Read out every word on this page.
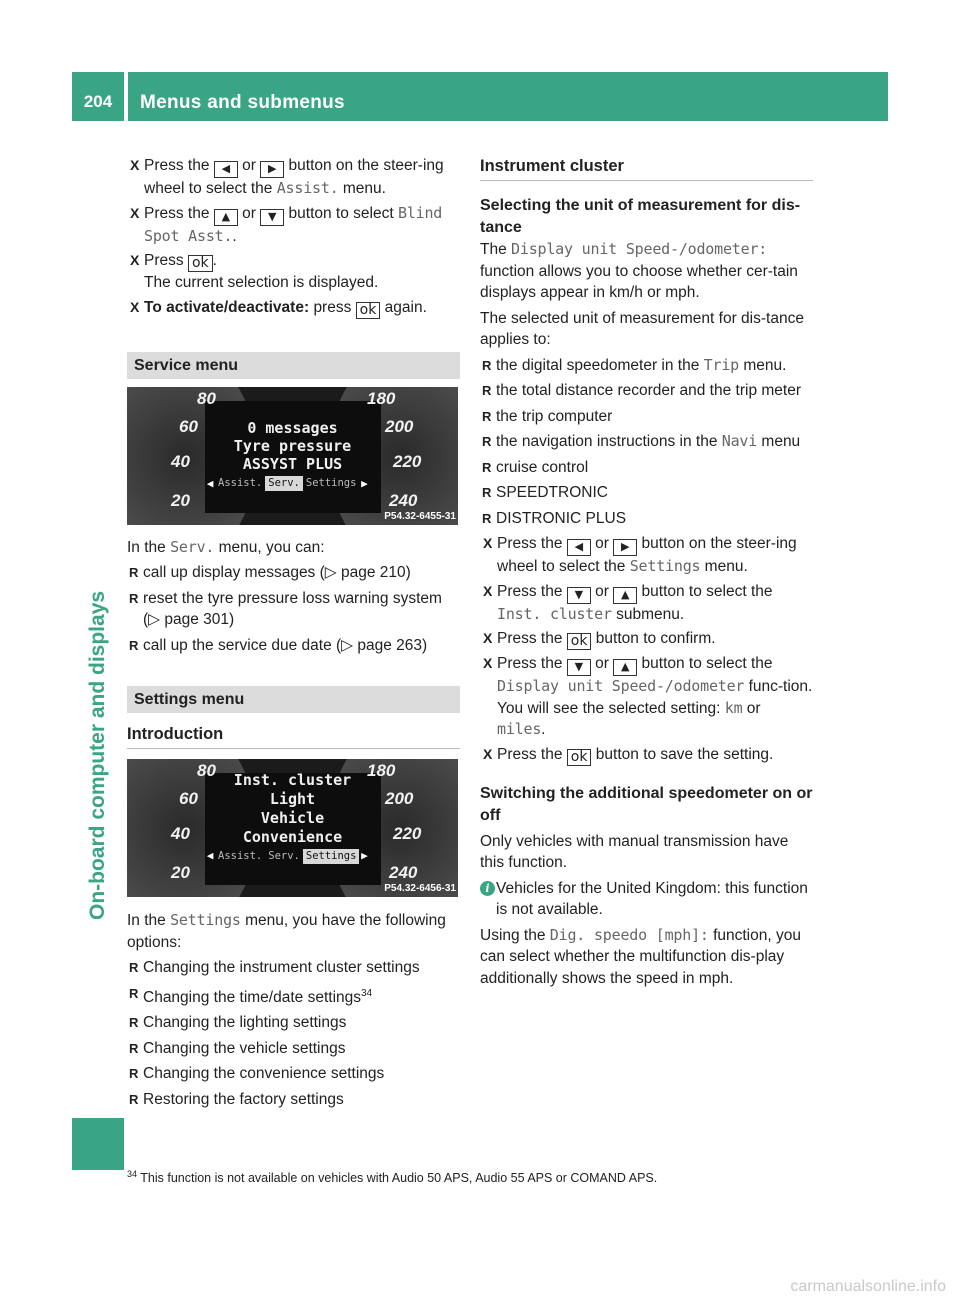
204	Menus and submenus
On-board computer and displays
X Press the ◀ or ▶ button on the steer-ing wheel to select the Assist. menu.
X Press the ▲ or ▼ button to select Blind Spot Asst..
X Press ok .
The current selection is displayed.
X To activate/deactivate: press ok again.
Service menu
80
60
40
20
180
200
220
240
0 messages
Tyre pressure
ASSYST PLUS
◀ Assist. Serv. Settings ▶
P54.32-6455-31

In the Serv. menu, you can:

R call up display messages (▷ page 210)
R reset the tyre pressure loss warning system (▷ page 301)
R call up the service due date (▷ page 263)
Settings menu
Introduction
80
60
40
20
180
200
220
240
Inst. cluster
Light
Vehicle
Convenience
◀ Assist. Serv. Settings ▶
P54.32-6456-31

In the Settings menu, you have the following options:

R Changing the instrument cluster settings
R Changing the time/date settings$^{34}$
R Changing the lighting settings
R Changing the vehicle settings
R Changing the convenience settings
R Restoring the factory settings
Instrument cluster
Selecting the unit of measurement for dis-tance

The Display unit Speed-/odometer: function allows you to choose whether cer-tain displays appear in km/h or mph.

The selected unit of measurement for dis-tance applies to:

R the digital speedometer in the Trip menu.
R the total distance recorder and the trip meter
R the trip computer
R the navigation instructions in the Navi menu
R cruise control
R SPEEDTRONIC
R DISTRONIC PLUS
X Press the ◀ or ▶ button on the steer-ing wheel to select the Settings menu.
X Press the ▼ or ▲ button to select the Inst. cluster submenu.
X Press the ok button to confirm.
X Press the ▼ or ▲ button to select the Display unit Speed-/odometer func-tion.
You will see the selected setting: km or miles.
X Press the ok button to save the setting.
Switching the additional speedometer on or off

Only vehicles with manual transmission have this function.

i Vehicles for the United Kingdom: this function is not available.

Using the Dig. speedo [mph]: function, you can select whether the multifunction dis-play additionally shows the speed in mph.

$^{34}$ This function is not available on vehicles with Audio 50 APS, Audio 55 APS or COMAND APS.
carmanualsonline.info
